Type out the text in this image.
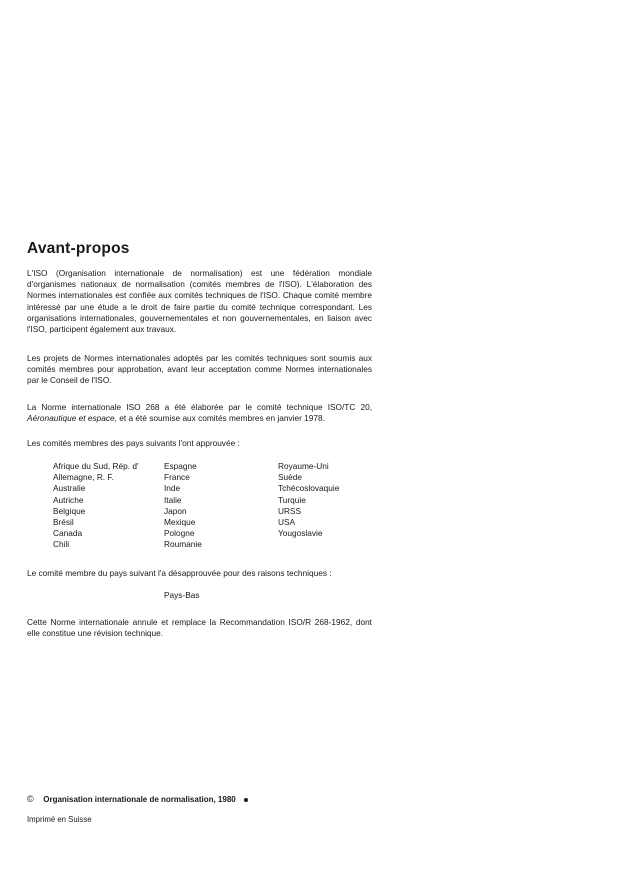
Avant-propos

L'ISO (Organisation internationale de normalisation) est une fédération mondiale d'organismes nationaux de normalisation (comités membres de l'ISO). L'élaboration des Normes internationales est confiée aux comités techniques de l'ISO. Chaque comité membre intéressé par une étude a le droit de faire partie du comité technique correspondant. Les organisations internationales, gouvernementales et non gouvernementales, en liaison avec l'ISO, participent également aux travaux.

Les projets de Normes internationales adoptés par les comités techniques sont soumis aux comités membres pour approbation, avant leur acceptation comme Normes internationales par le Conseil de l'ISO.

La Norme internationale ISO 268 a été élaborée par le comité technique ISO/TC 20, Aéronautique et espace, et a été soumise aux comités membres en janvier 1978.

Les comités membres des pays suivants l'ont approuvée :

Afrique du Sud, Rép. d'
Allemagne, R. F.
Australie
Autriche
Belgique
Brésil
Canada
Chili
Espagne
France
Inde
Italie
Japon
Mexique
Pologne
Roumanie
Royaume-Uni
Suède
Tchécoslovaquie
Turquie
URSS
USA
Yougoslavie

Le comité membre du pays suivant l'a désapprouvée pour des raisons techniques :

Pays-Bas

Cette Norme internationale annule et remplace la Recommandation ISO/R 268-1962, dont elle constitue une révision technique.

© Organisation internationale de normalisation, 1980

Imprimé en Suisse
